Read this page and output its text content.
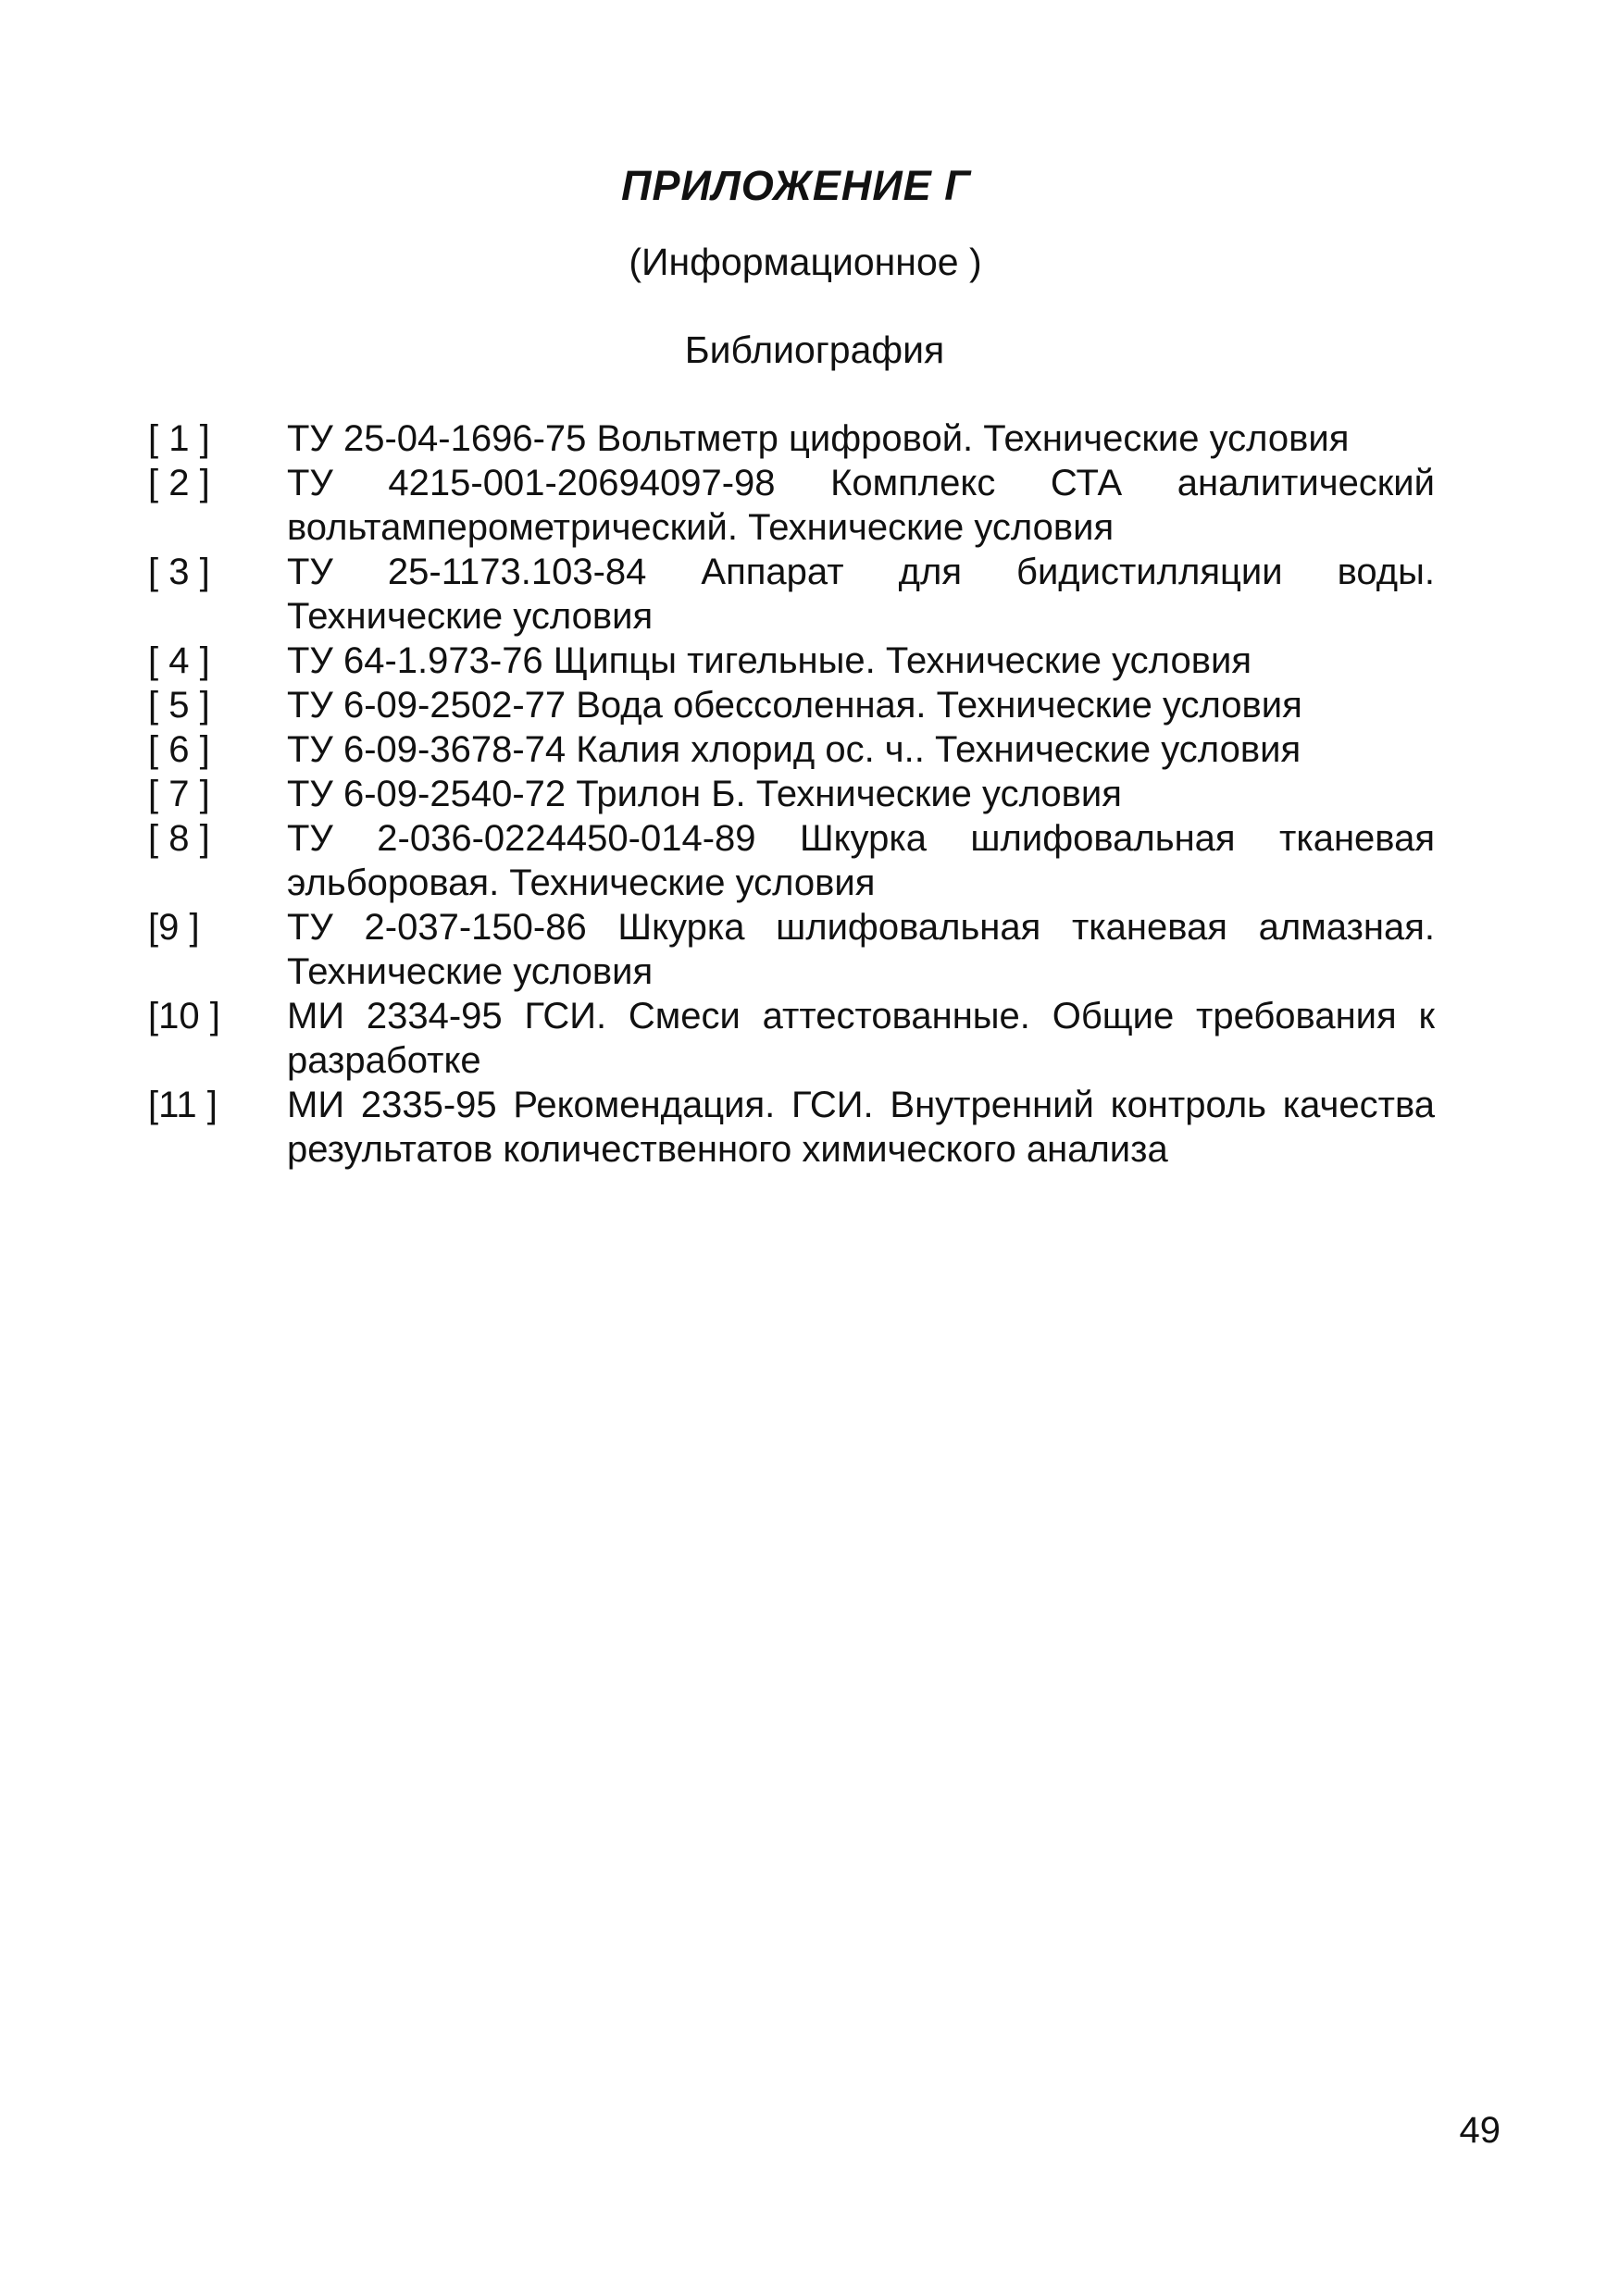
ПРИЛОЖЕНИЕ Г
(Информационное )
Библиография
[ 1 ]	ТУ 25-04-1696-75 Вольтметр цифровой. Технические условия
[ 2 ]	ТУ 4215-001-20694097-98 Комплекс СТА аналитический вольтамперометрический. Технические условия
[ 3 ]	ТУ 25-1173.103-84 Аппарат для бидистилляции воды. Технические условия
[ 4 ]	ТУ 64-1.973-76 Щипцы тигельные. Технические условия
[ 5 ]	ТУ 6-09-2502-77 Вода обессоленная. Технические условия
[ 6 ]	ТУ 6-09-3678-74 Калия хлорид ос. ч.. Технические условия
[ 7 ]	ТУ 6-09-2540-72 Трилон Б. Технические условия
[ 8 ]	ТУ 2-036-0224450-014-89 Шкурка шлифовальная тканевая эльборовая. Технические условия
[9 ]	ТУ 2-037-150-86 Шкурка шлифовальная тканевая алмазная. Технические условия
[10 ]	МИ 2334-95 ГСИ. Смеси аттестованные. Общие требования к разработке
[11 ]	МИ 2335-95 Рекомендация. ГСИ. Внутренний контроль качества результатов количественного химического анализа
49
